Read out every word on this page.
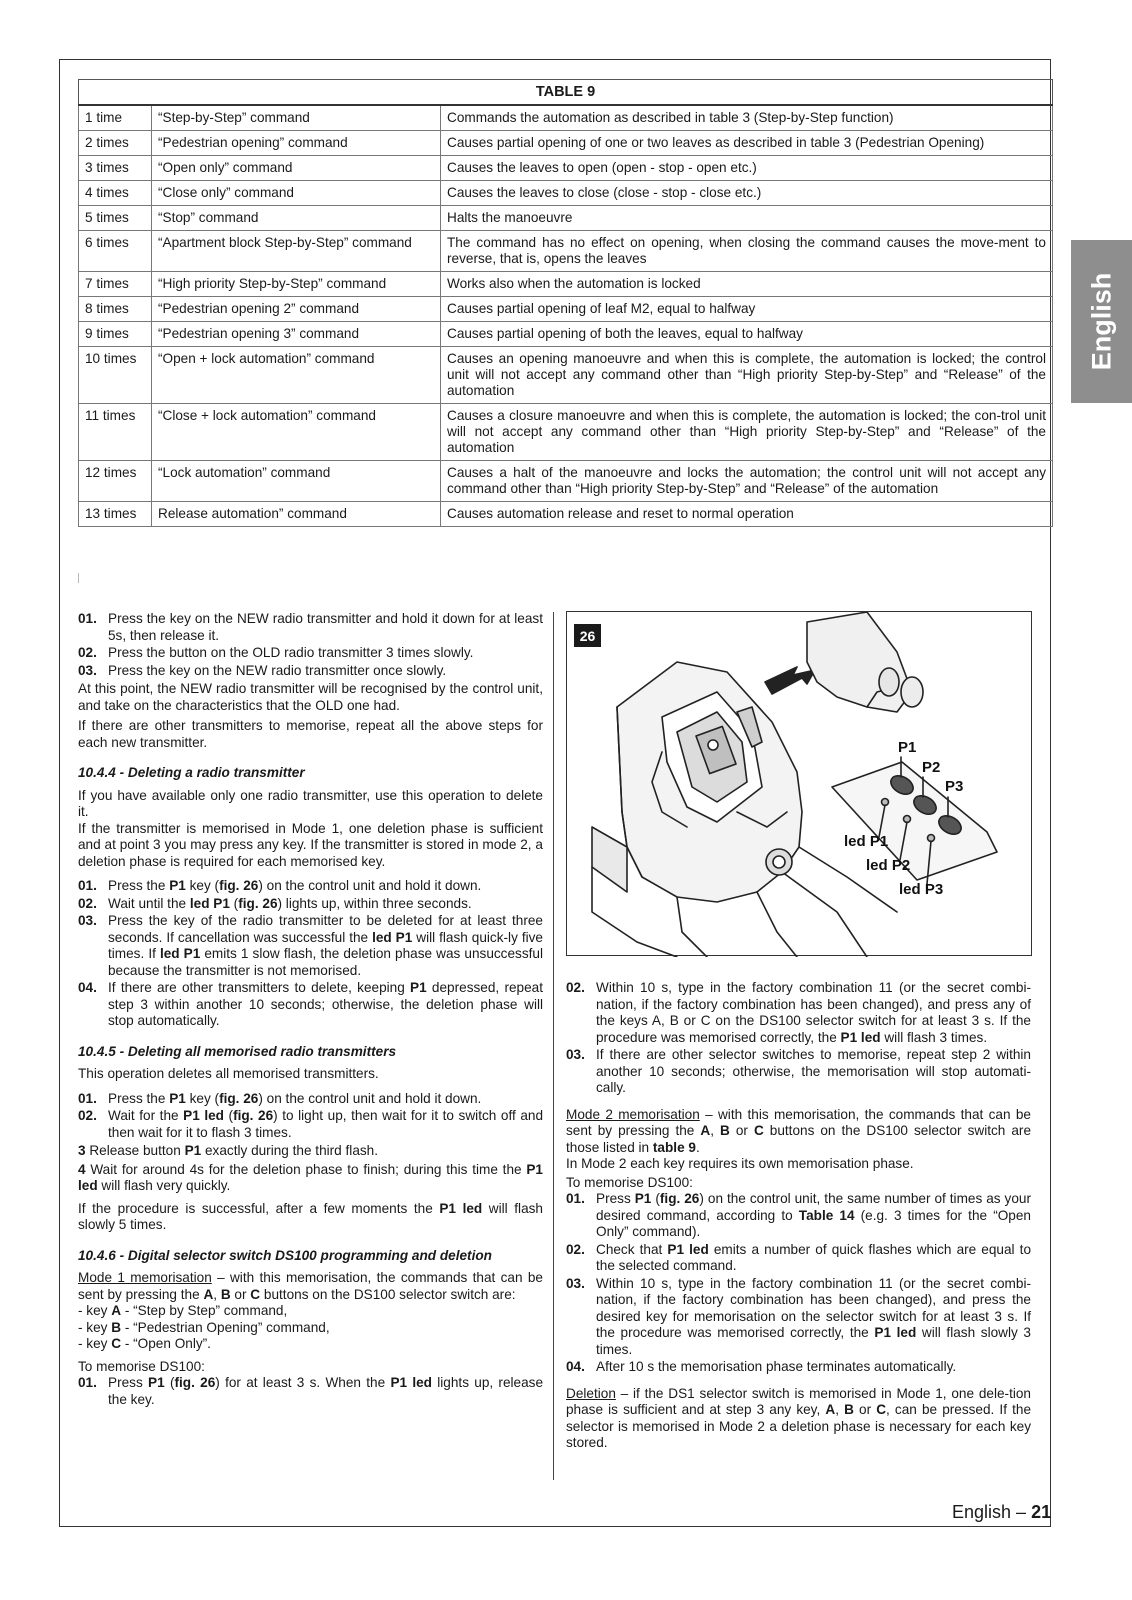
English
TABLE 9		
1 time	“Step-by-Step” command	Commands the automation as described in table 3 (Step-by-Step function)
2 times	“Pedestrian opening” command	Causes partial opening of one or two leaves as described in table 3 (Pedestrian Opening)
3 times	“Open only” command	Causes the leaves to open (open - stop - open etc.)
4 times	“Close only” command	Causes the leaves to close (close - stop - close etc.)
5 times	“Stop” command	Halts the manoeuvre
6 times	“Apartment block Step-by-Step” command	The command has no effect on opening, when closing the command causes the move-ment to reverse, that is, opens the leaves
7 times	“High priority Step-by-Step” command	Works also when the automation is locked
8 times	“Pedestrian opening 2” command	Causes partial opening of leaf M2, equal to halfway
9 times	“Pedestrian opening 3” command	Causes partial opening of both the leaves, equal to halfway
10 times	“Open + lock automation” command	Causes an opening manoeuvre and when this is complete, the automation is locked; the control unit will not accept any command other than “High priority Step-by-Step” and “Release” of the automation
11 times	“Close + lock automation” command	Causes a closure manoeuvre and when this is complete, the automation is locked; the con-trol unit will not accept any command other than “High priority Step-by-Step” and “Release” of the automation
12 times	“Lock automation” command	Causes a halt of the manoeuvre and locks the automation; the control unit will not accept any command other than “High priority Step-by-Step” and “Release” of the automation
13 times	Release automation” command	Causes automation release and reset to normal operation
01. Press the key on the NEW radio transmitter and hold it down for at least 5s, then release it.
02. Press the button on the OLD radio transmitter 3 times slowly.
03. Press the key on the NEW radio transmitter once slowly.

At this point, the NEW radio transmitter will be recognised by the control unit, and take on the characteristics that the OLD one had.

If there are other transmitters to memorise, repeat all the above steps for each new transmitter.

10.4.4 - Deleting a radio transmitter

If you have available only one radio transmitter, use this operation to delete it.

If the transmitter is memorised in Mode 1, one deletion phase is sufficient and at point 3 you may press any key. If the transmitter is stored in mode 2, a deletion phase is required for each memorised key.

01. Press the P1 key (fig. 26) on the control unit and hold it down.
02. Wait until the led P1 (fig. 26) lights up, within three seconds.
03. Press the key of the radio transmitter to be deleted for at least three seconds. If cancellation was successful the led P1 will flash quick-ly five times. If led P1 emits 1 slow flash, the deletion phase was unsuccessful because the transmitter is not memorised.
04. If there are other transmitters to delete, keeping P1 depressed, repeat step 3 within another 10 seconds; otherwise, the deletion phase will stop automatically.

10.4.5 - Deleting all memorised radio transmitters

This operation deletes all memorised transmitters.

01. Press the P1 key (fig. 26) on the control unit and hold it down.
02. Wait for the P1 led (fig. 26) to light up, then wait for it to switch off and then wait for it to flash 3 times.

3 Release button P1 exactly during the third flash.

4 Wait for around 4s for the deletion phase to finish; during this time the P1 led will flash very quickly.

If the procedure is successful, after a few moments the P1 led will flash slowly 5 times.

10.4.6 - Digital selector switch DS100 programming and deletion

Mode 1 memorisation – with this memorisation, the commands that can be sent by pressing the A, B or C buttons on the DS100 selector switch are:

- key A - “Step by Step” command,

- key B - “Pedestrian Opening” command,

- key C - “Open Only”.

To memorise DS100:

01. Press P1 (fig. 26) for at least 3 s. When the P1 led lights up, release the key.
26
P1
P2
P3
led P1
led P2
led P3
02. Within 10 s, type in the factory combination 11 (or the secret combi-nation, if the factory combination has been changed), and press any of the keys A, B or C on the DS100 selector switch for at least 3 s. If the procedure was memorised correctly, the P1 led will flash 3 times.
03. If there are other selector switches to memorise, repeat step 2 within another 10 seconds; otherwise, the memorisation will stop automati-cally.

Mode 2 memorisation – with this memorisation, the commands that can be sent by pressing the A, B or C buttons on the DS100 selector switch are those listed in table 9.

In Mode 2 each key requires its own memorisation phase.

To memorise DS100:

01. Press P1 (fig. 26) on the control unit, the same number of times as your desired command, according to Table 14 (e.g. 3 times for the “Open Only” command).
02. Check that P1 led emits a number of quick flashes which are equal to the selected command.
03. Within 10 s, type in the factory combination 11 (or the secret combi-nation, if the factory combination has been changed), and press the desired key for memorisation on the selector switch for at least 3 s. If the procedure was memorised correctly, the P1 led will flash slowly 3 times.
04. After 10 s the memorisation phase terminates automatically.

Deletion – if the DS1 selector switch is memorised in Mode 1, one dele-tion phase is sufficient and at step 3 any key, A, B or C, can be pressed. If the selector is memorised in Mode 2 a deletion phase is necessary for each key stored.

English – 21
